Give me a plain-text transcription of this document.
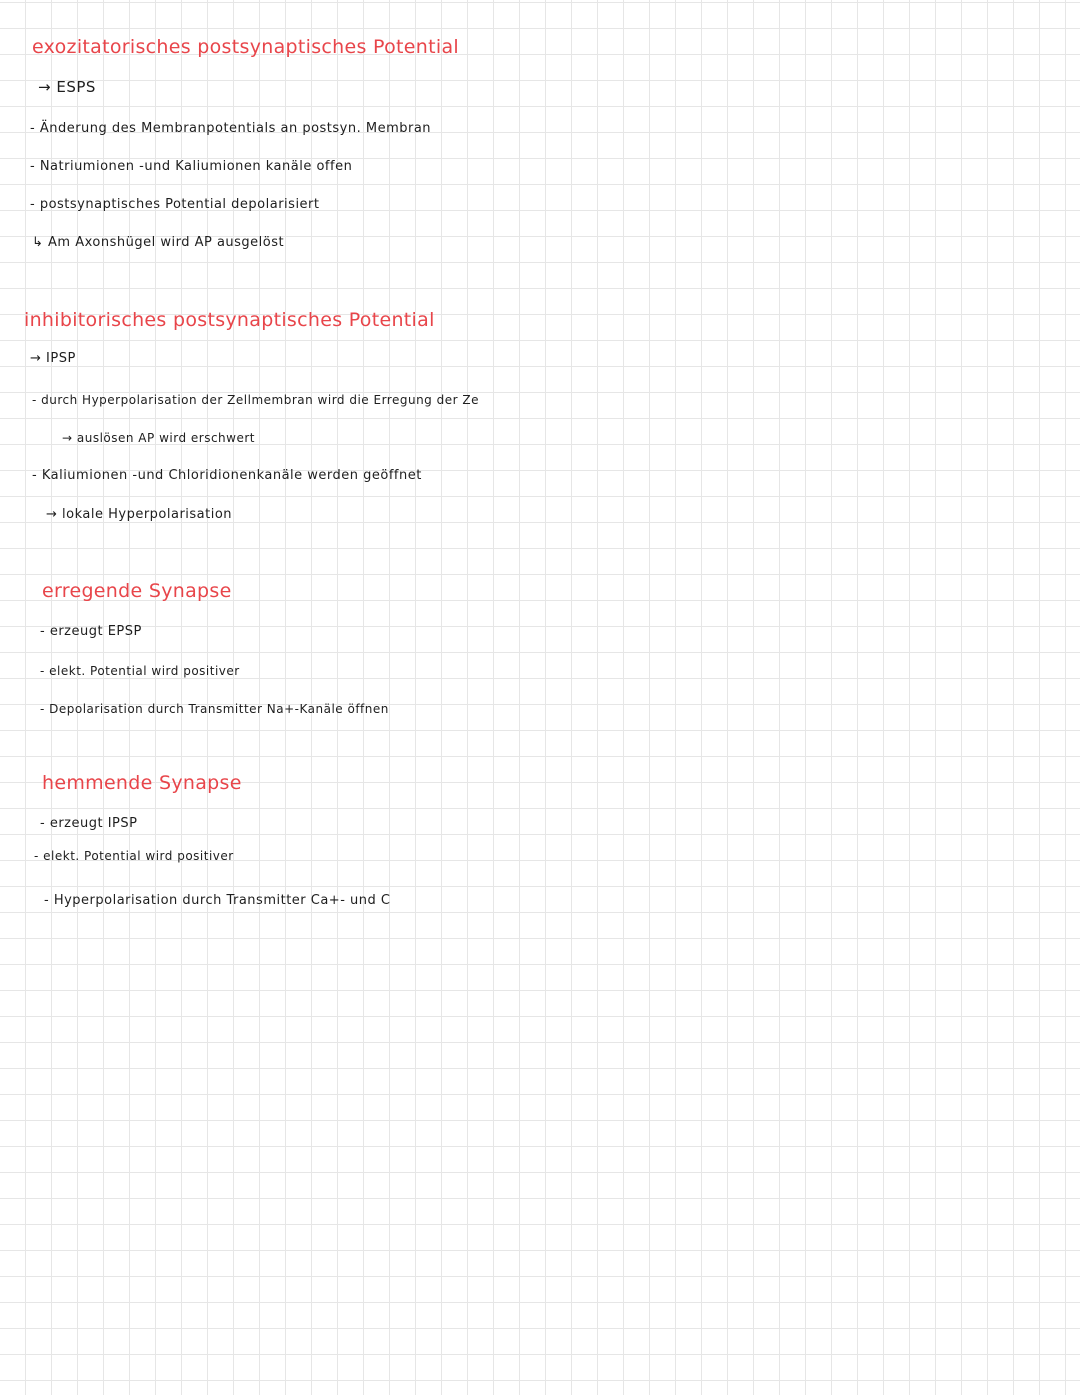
exozitatorisches postsynaptisches Potential
→ ESPS
- Änderung des Membranpotentials an postsyn. Membran
- Natriumionen -und Kaliumionen kanäle offen
- postsynaptisches Potential depolarisiert
↳ Am Axonshügel wird AP ausgelöst
inhibitorisches postsynaptisches Potential
→ IPSP
- durch Hyperpolarisation der Zellmembran wird die Erregung der Ze
→ auslösen AP wird erschwert
- Kaliumionen -und Chloridionenkanäle werden geöffnet
→ lokale Hyperpolarisation
erregende Synapse
- erzeugt EPSP
- elekt. Potential wird positiver
- Depolarisation durch Transmitter Na+-Kanäle öffnen
hemmende Synapse
- erzeugt IPSP
- elekt. Potential wird positiver
- Hyperpolarisation durch Transmitter Ca+- und C
